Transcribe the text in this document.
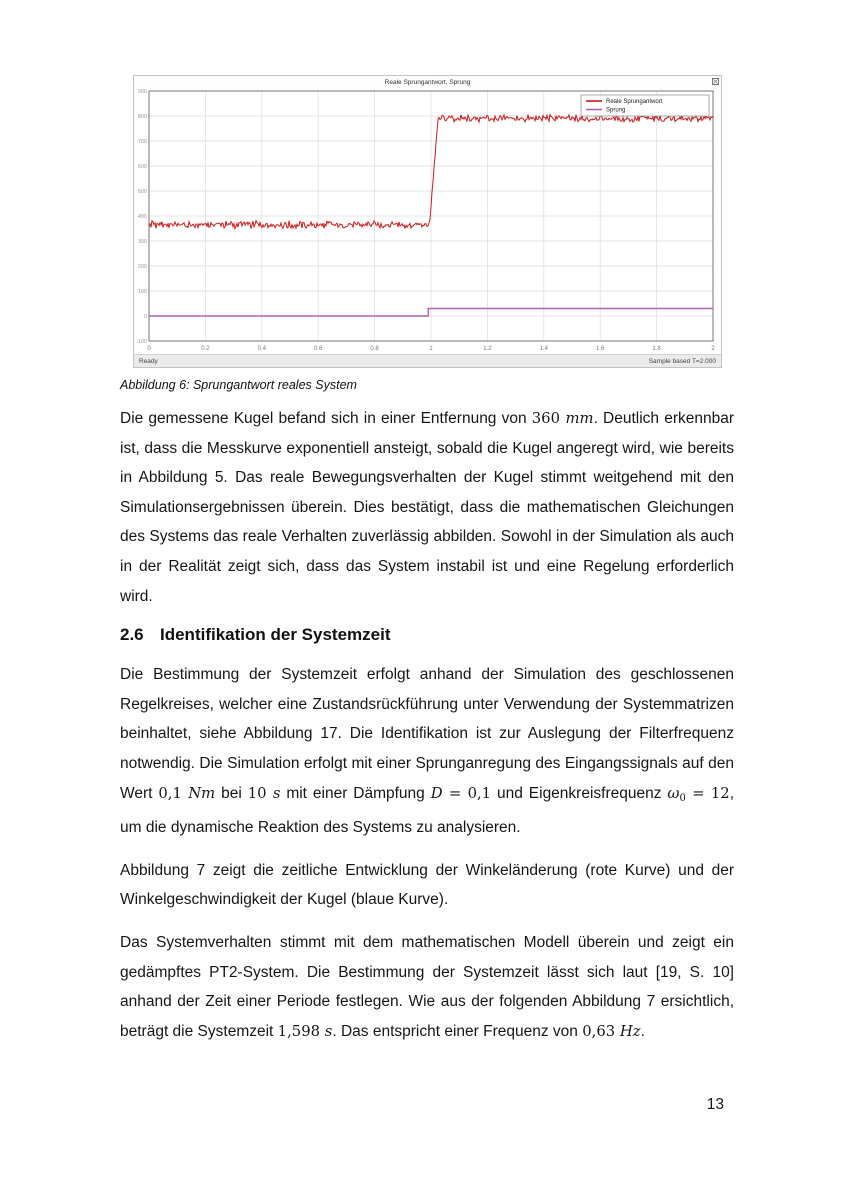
Reale Sprungantwort, Sprung
0	0.2	0.4	0.6	0.8	1	1.2	1.4	1.6	1.8	2
900
800
700
600
500
400
300
200
100
0
-100
Reale Sprungantwort
Sprung
Ready	Sample based T=2.000
Abbildung 6: Sprungantwort reales System

Die gemessene Kugel befand sich in einer Entfernung von 360 mm. Deutlich erkennbar ist, dass die Messkurve exponentiell ansteigt, sobald die Kugel angeregt wird, wie bereits in Abbildung 5. Das reale Bewegungsverhalten der Kugel stimmt weitgehend mit den Simulationsergebnissen überein. Dies bestätigt, dass die mathematischen Gleichungen des Systems das reale Verhalten zuverlässig abbilden. Sowohl in der Simulation als auch in der Realität zeigt sich, dass das System instabil ist und eine Regelung erforderlich wird.

2.6 Identifikation der Systemzeit

Die Bestimmung der Systemzeit erfolgt anhand der Simulation des geschlossenen Regelkreises, welcher eine Zustandsrückführung unter Verwendung der Systemmatrizen beinhaltet, siehe Abbildung 17. Die Identifikation ist zur Auslegung der Filterfrequenz notwendig. Die Simulation erfolgt mit einer Sprunganregung des Eingangssignals auf den Wert 0,1 Nm bei 10 s mit einer Dämpfung D = 0,1 und Eigenkreisfrequenz ω0 = 12, um die dynamische Reaktion des Systems zu analysieren.

Abbildung 7 zeigt die zeitliche Entwicklung der Winkeländerung (rote Kurve) und der Winkelgeschwindigkeit der Kugel (blaue Kurve).

Das Systemverhalten stimmt mit dem mathematischen Modell überein und zeigt ein gedämpftes PT2-System. Die Bestimmung der Systemzeit lässt sich laut [19, S. 10] anhand der Zeit einer Periode festlegen. Wie aus der folgenden Abbildung 7 ersichtlich, beträgt die Systemzeit 1,598 s. Das entspricht einer Frequenz von 0,63 Hz.

13
